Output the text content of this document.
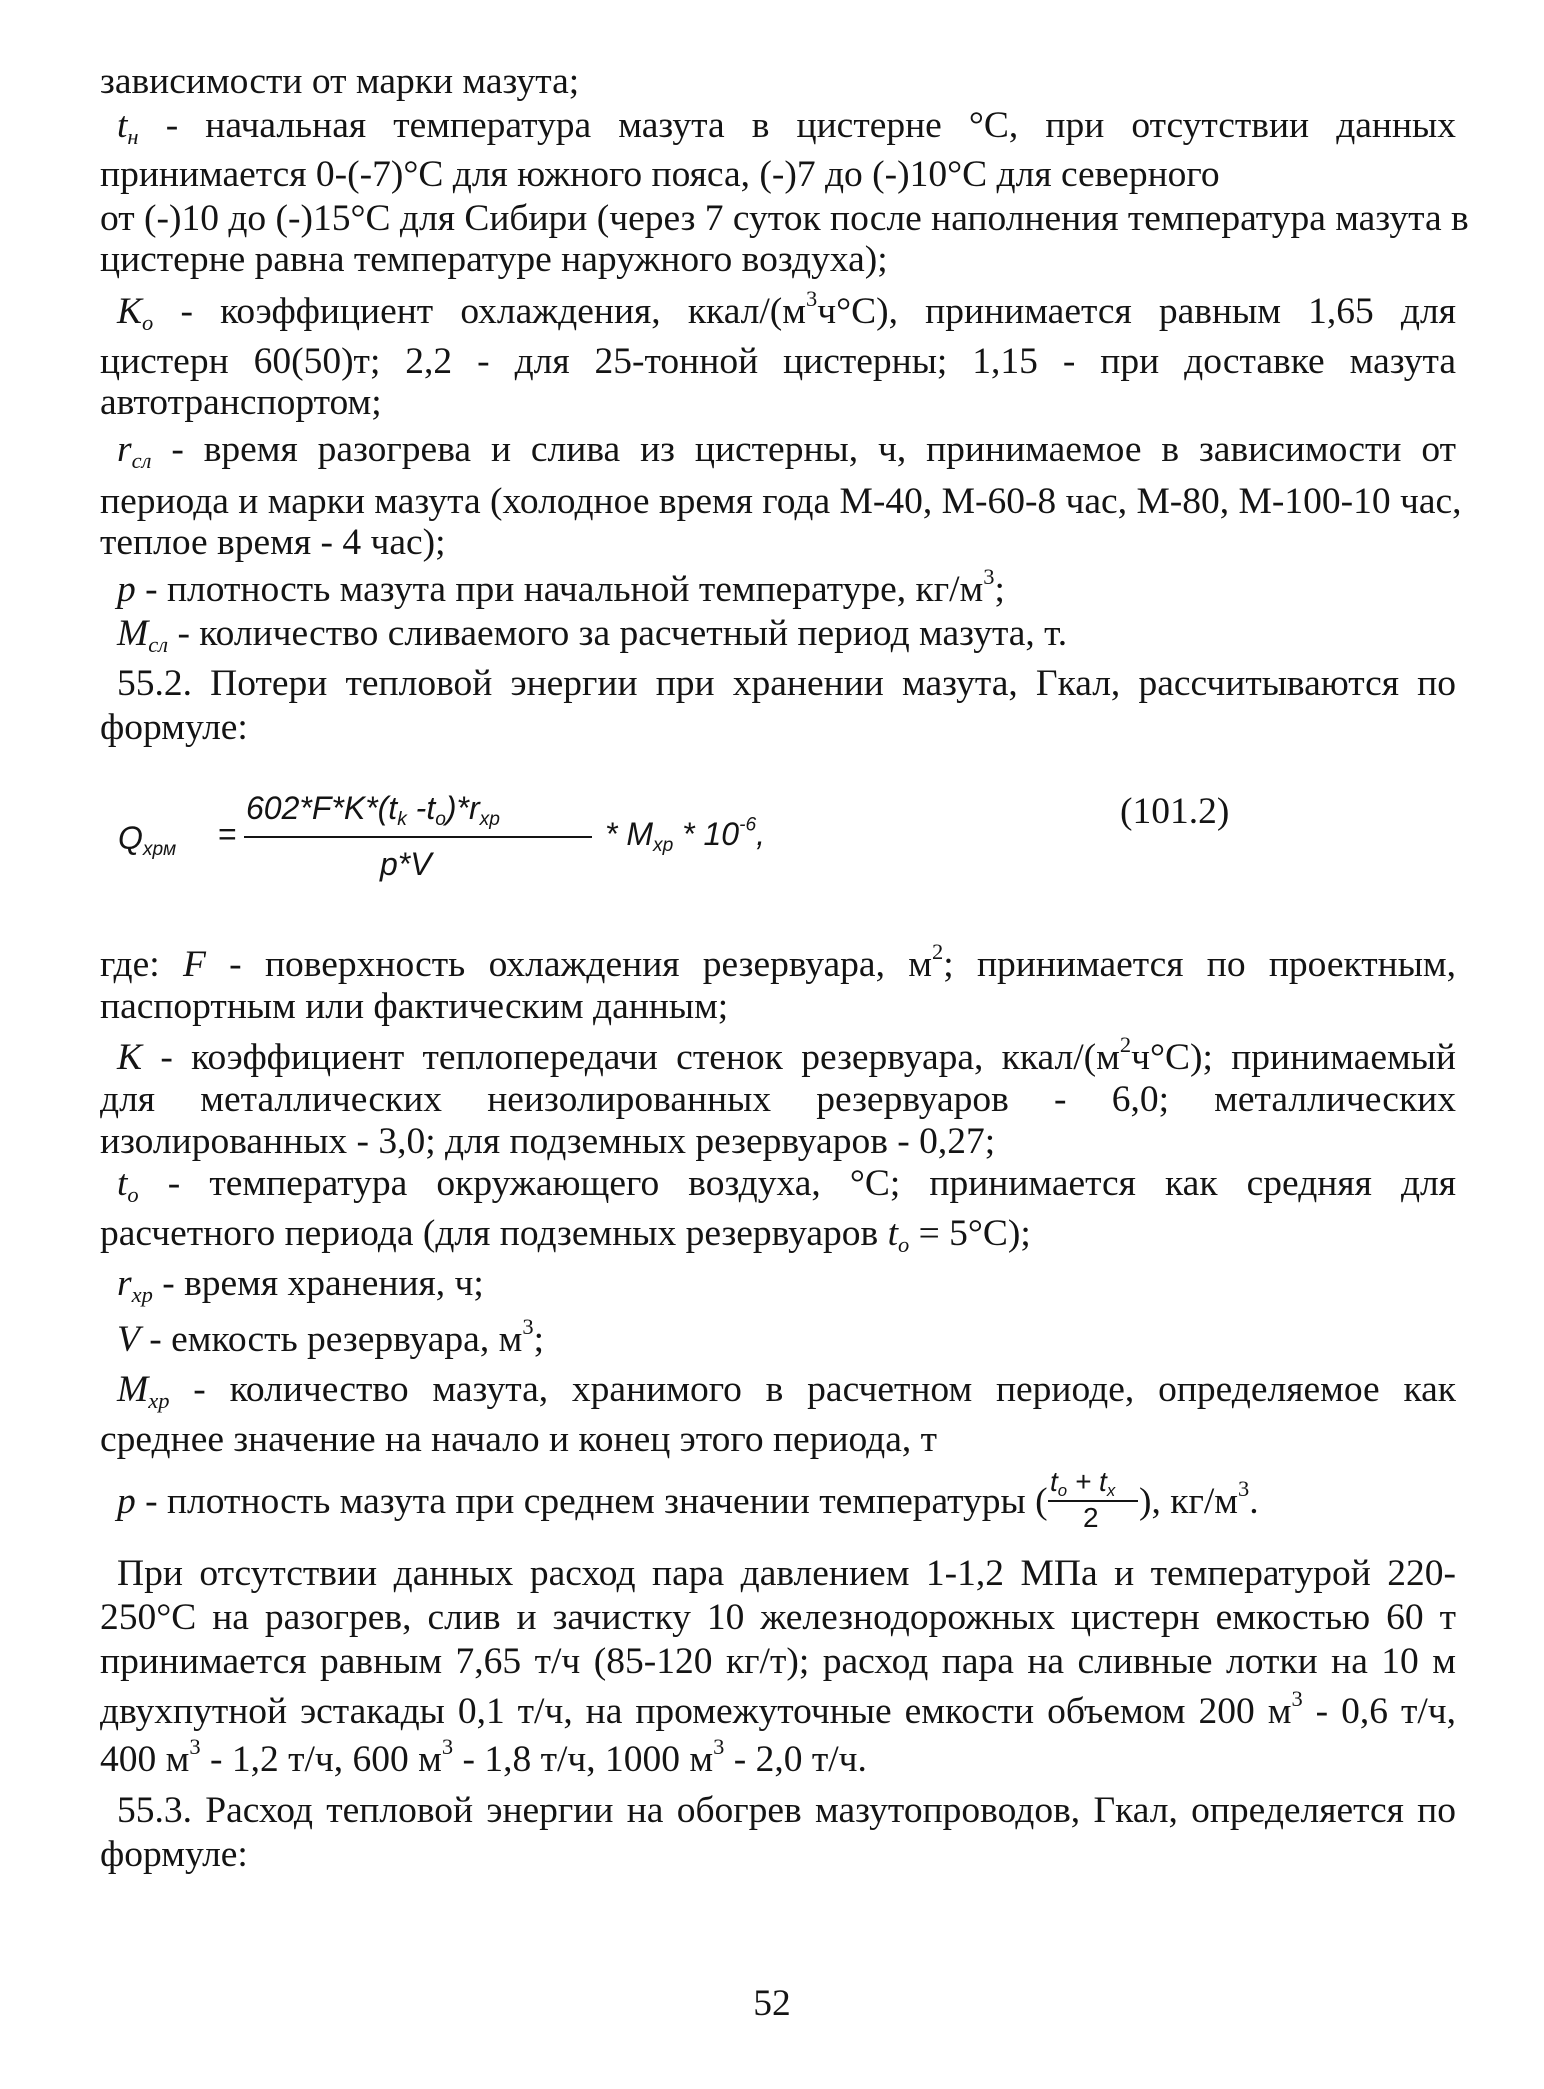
зависимости от марки мазута;
$t_н$ - начальная температура мазута в цистерне °С, при отсутствии данных
принимается 0-(-7)°С для южного пояса, (-)7 до (-)10°С для северного
от (-)10 до (-)15°С для Сибири (через 7 суток после наполнения температура мазута в
цистерне равна температуре наружного воздуха);
$K_o$ - коэффициент охлаждения, ккал/$(м^3ч^\circ С)$, принимается равным 1,65 для
цистерн 60(50)т; 2,2 - для 25-тонной цистерны; 1,15 - при доставке мазута
автотранспортом;
$r_{сл}$ - время разогрева и слива из цистерны, ч, принимаемое в зависимости от
периода и марки мазута (холодное время года М-40, М-60-8 час, М-80, М-100-10 час,
теплое время - 4 час);
р - плотность мазута при начальной температуре, $кг/м^3$;
$М_{сл}$ - количество сливаемого за расчетный период мазута, т.
55.2. Потери тепловой энергии при хранении мазута, Гкал, рассчитываются по
формуле:
$Q_{хрм}$ =
$602*F*K*(t_k$ $-t_o)*r_{xp}$
p*V
* $M_{xp} * 10^{-6}$,
(101.2)
где: F - поверхность охлаждения резервуара, $м^2$; принимается по проектным,
паспортным или фактическим данным;
K - коэффициент теплопередачи стенок резервуара, ккал/$(м^2ч^\circ С)$; принимаемый
для металлических неизолированных резервуаров - 6,0; металлических
изолированных - 3,0; для подземных резервуаров - 0,27;
$t_o$ - температура окружающего воздуха, °С; принимается как средняя для
расчетного периода (для подземных резервуаров $t_o = 5^\circ С$);
$r_{хр}$ - время хранения, ч;
V - емкость резервуара, $м^3$;
$М_{хр}$ - количество мазута, хранимого в расчетном периоде, определяемое как
среднее значение на начало и конец этого периода, т
р - плотность мазута при среднем значении температуры ( $t_o + t_x$
2 ), $кг/м^3$.
При отсутствии данных расход пара давлением 1-1,2 МПа и температурой 220-
250°С на разогрев, слив и зачистку 10 железнодорожных цистерн емкостью 60 т
принимается равным 7,65 т/ч (85-120 кг/т); расход пара на сливные лотки на 10 м
двухпутной эстакады 0,1 т/ч, на промежуточные емкости объемом 200 $м^3 - 0,6$ т/ч,
400 $м^3 - 1,2$ т/ч, 600 $м^3 - 1,8$ т/ч, 1000 $м^3 - 2,0$ т/ч.
55.3. Расход тепловой энергии на обогрев мазутопроводов, Гкал, определяется по
формуле:
52
